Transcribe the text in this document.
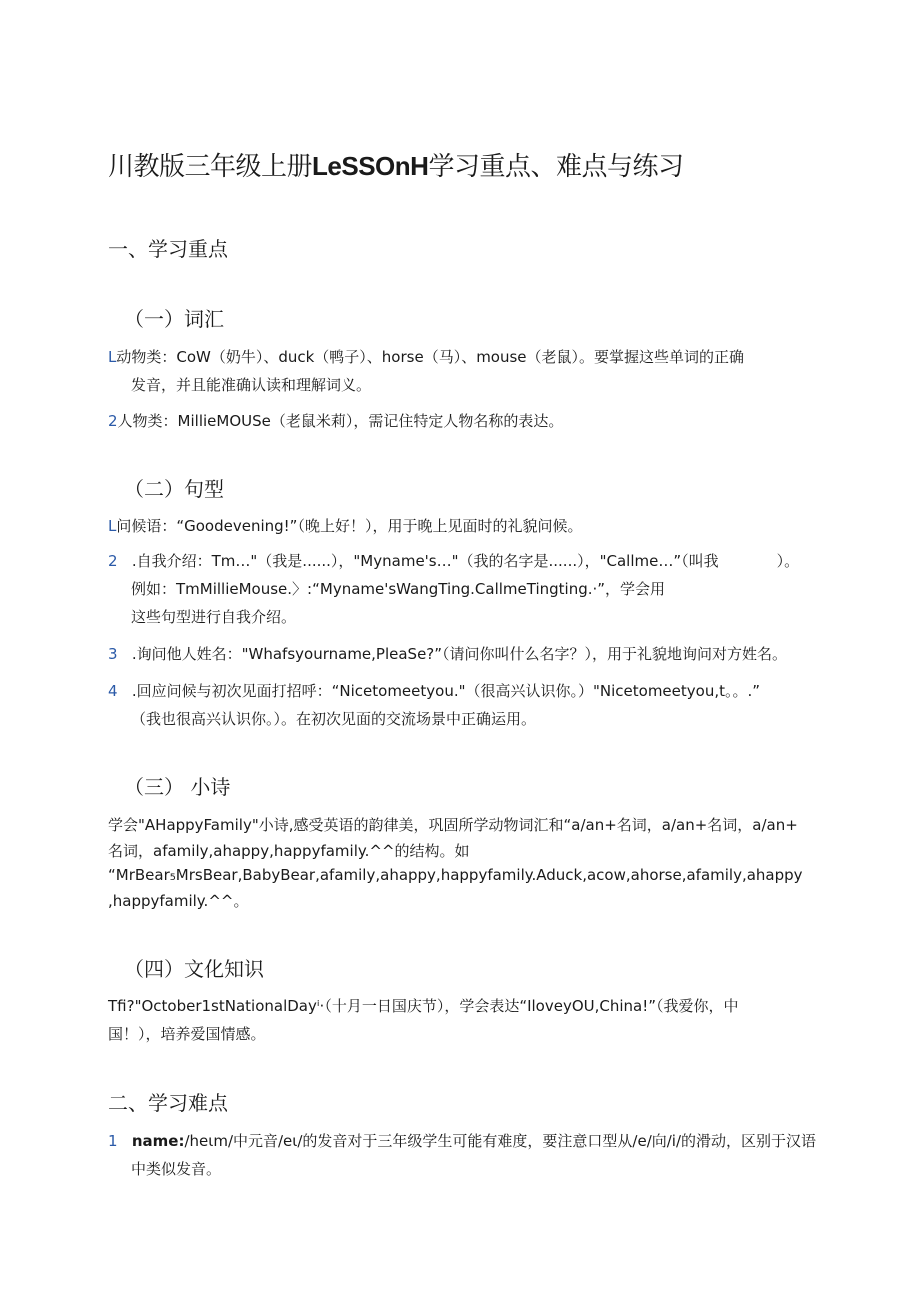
川教版三年级上册LeSSOnH学习重点、难点与练习
一、学习重点
（一）词汇
L动物类：CoW（奶牛）、duck（鸭子）、horse（马）、mouse（老鼠）。要掌握这些单词的正确
发音，并且能准确认读和理解词义。
2人物类：MillieMOUSe（老鼠米莉），需记住特定人物名称的表达。
（二）句型
L问候语：“Goodevening!”（晚上好！），用于晚上见面时的礼貌问候。
2 .自我介绍：Tm…"（我是......），"Myname's…"（我的名字是......），"Callme…”（叫我	）。
例如：TmMillieMouse.〉:“Myname'sWangTing.CallmeTingting.·”，学会用
这些句型进行自我介绍。
3 .询问他人姓名："Whafsyourname,PleaSe?”（请问你叫什么名字？），用于礼貌地询问对方姓名。
4 .回应问候与初次见面打招呼：“Nicetomeetyou."（很高兴认识你。）"Nicetomeetyou,t。。.”
（我也很高兴认识你。）。在初次见面的交流场景中正确运用。
（三） 小诗
学会"AHappyFamily"小诗,感受英语的韵律美，巩固所学动物词汇和“a/an+名词，a/an+名词，a/an+
名词，afamily,ahappy,happyfamily.^^的结构。如
“MrBear₅MrsBear,BabyBear,afamily,ahappy,happyfamily.Aduck,acow,ahorse,afamily,ahappy
,happyfamily.^^。
（四）文化知识
Tfi?"October1stNationalDayⁱ·（十月一日国庆节），学会表达“IloveyOU,China!”（我爱你，中
国！），培养爱国情感。
二、学习难点
1 name:∕heιm∕中元音∕eι∕的发音对于三年级学生可能有难度，要注意口型从∕e∕向∕i∕的滑动，区别于汉语
中类似发音。
